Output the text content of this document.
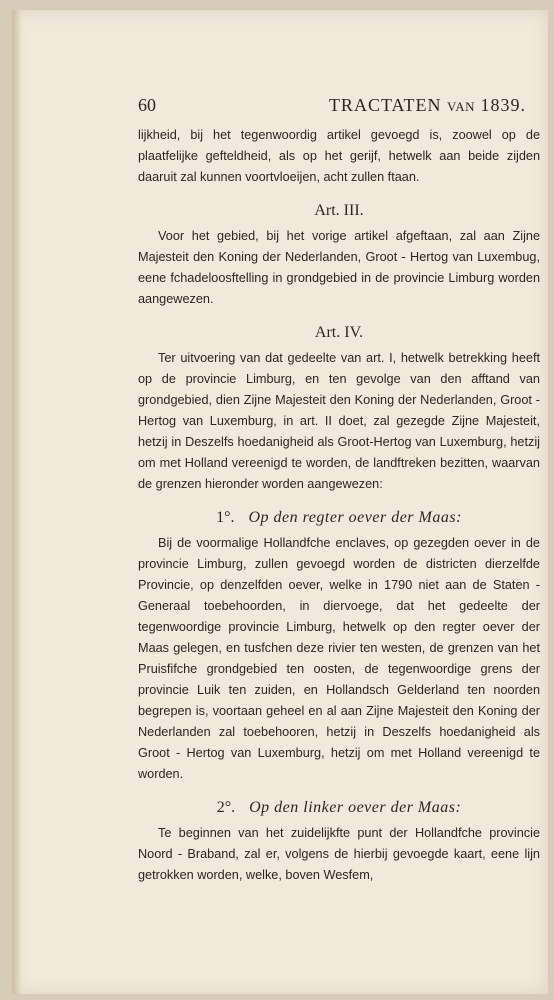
60	TRACTATEN VAN 1839.

lijkheid, bij het tegenwoordig artikel gevoegd is, zoowel op de plaatfelijke gefteldheid, als op het gerijf, hetwelk aan beide zijden daaruit zal kunnen voortvloeijen, acht zullen ftaan.

Art. III.

Voor het gebied, bij het vorige artikel afgeftaan, zal aan Zijne Majesteit den Koning der Nederlanden, Groot - Hertog van Luxembug, eene fchadeloosftelling in grondgebied in de provincie Limburg worden aangewezen.

Art. IV.

Ter uitvoering van dat gedeelte van art. I, hetwelk betrekking heeft op de provincie Limburg, en ten gevolge van den afftand van grondgebied, dien Zijne Majesteit den Koning der Nederlanden, Groot - Hertog van Luxemburg, in art. II doet, zal gezegde Zijne Majesteit, hetzij in Deszelfs hoedanigheid als Groot-Hertog van Luxemburg, hetzij om met Holland vereenigd te worden, de landftreken bezitten, waarvan de grenzen hieronder worden aangewezen:

1°. Op den regter oever der Maas:

Bij de voormalige Hollandfche enclaves, op gezegden oever in de provincie Limburg, zullen gevoegd worden de districten dierzelfde Provincie, op denzelfden oever, welke in 1790 niet aan de Staten - Generaal toebehoorden, in diervoege, dat het gedeelte der tegenwoordige provincie Limburg, hetwelk op den regter oever der Maas gelegen, en tusfchen deze rivier ten westen, de grenzen van het Pruisfifche grondgebied ten oosten, de tegenwoordige grens der provincie Luik ten zuiden, en Hollandsch Gelderland ten noorden begrepen is, voortaan geheel en al aan Zijne Majesteit den Koning der Nederlanden zal toebehooren, hetzij in Deszelfs hoedanigheid als Groot - Hertog van Luxemburg, hetzij om met Holland vereenigd te worden.

2°. Op den linker oever der Maas:

Te beginnen van het zuidelijkfte punt der Hollandfche provincie Noord - Braband, zal er, volgens de hierbij gevoegde kaart, eene lijn getrokken worden, welke, boven Wesfem,
